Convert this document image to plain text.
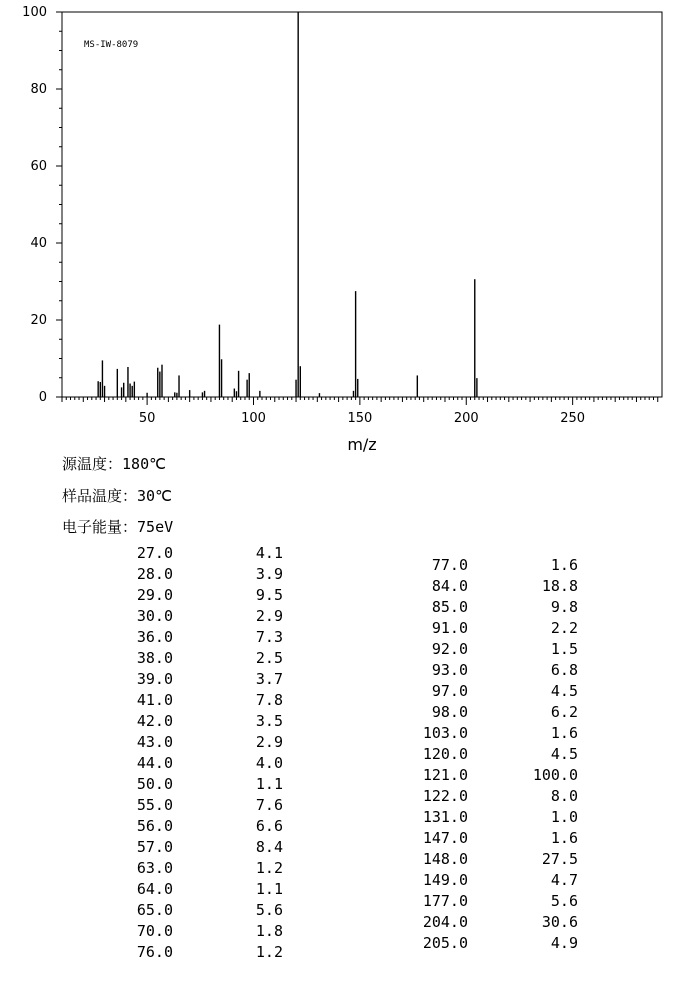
MS-IW-8079
0
20
40
60
80
100
50	100	150	200	250
m/z
源温度：180℃
样品温度：30℃
电子能量：75eV
27.0	4.1
28.0	3.9
29.0	9.5
30.0	2.9
36.0	7.3
38.0	2.5
39.0	3.7
41.0	7.8
42.0	3.5
43.0	2.9
44.0	4.0
50.0	1.1
55.0	7.6
56.0	6.6
57.0	8.4
63.0	1.2
64.0	1.1
65.0	5.6
70.0	1.8
76.0	1.2
77.0	1.6
84.0	18.8
85.0	9.8
91.0	2.2
92.0	1.5
93.0	6.8
97.0	4.5
98.0	6.2
103.0	1.6
120.0	4.5
121.0	100.0
122.0	8.0
131.0	1.0
147.0	1.6
148.0	27.5
149.0	4.7
177.0	5.6
204.0	30.6
205.0	4.9
